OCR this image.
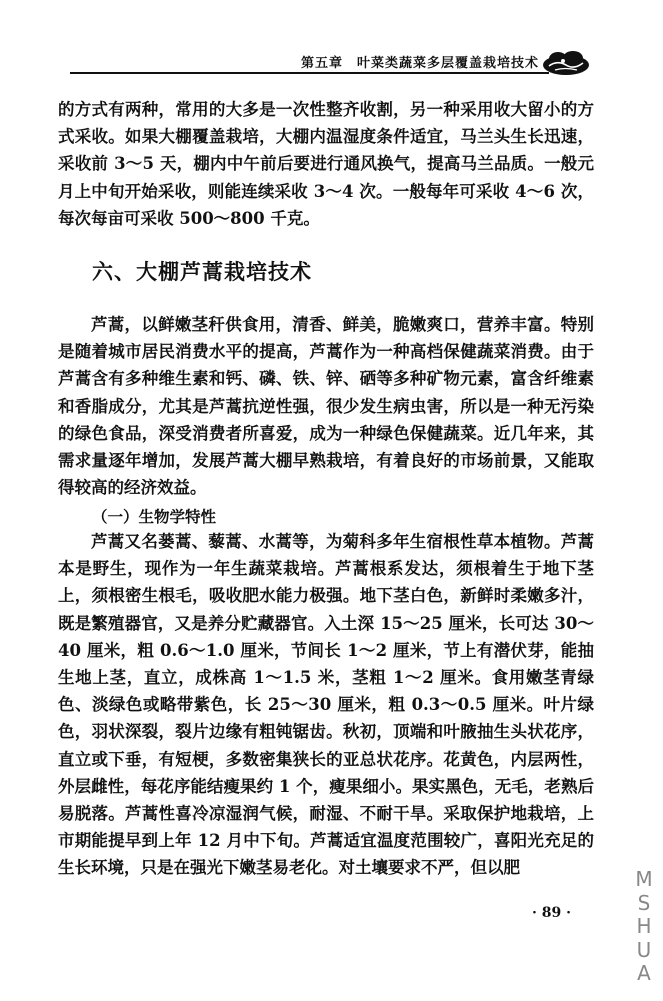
第五章　叶菜类蔬菜多层覆盖栽培技术

的方式有两种，常用的大多是一次性整齐收割，另一种采用收大留小的方式采收。如果大棚覆盖栽培，大棚内温湿度条件适宜，马兰头生长迅速，采收前 3～5 天，棚内中午前后要进行通风换气，提高马兰品质。一般元月上中旬开始采收，则能连续采收 3～4 次。一般每年可采收 4～6 次，每次每亩可采收 500～800 千克。

六、大棚芦蒿栽培技术

芦蒿，以鲜嫩茎秆供食用，清香、鲜美，脆嫩爽口，营养丰富。特别是随着城市居民消费水平的提高，芦蒿作为一种高档保健蔬菜消费。由于芦蒿含有多种维生素和钙、磷、铁、锌、硒等多种矿物元素，富含纤维素和香脂成分，尤其是芦蒿抗逆性强，很少发生病虫害，所以是一种无污染的绿色食品，深受消费者所喜爱，成为一种绿色保健蔬菜。近几年来，其需求量逐年增加，发展芦蒿大棚早熟栽培，有着良好的市场前景，又能取得较高的经济效益。

（一）生物学特性

芦蒿又名蒌蒿、藜蒿、水蒿等，为菊科多年生宿根性草本植物。芦蒿本是野生，现作为一年生蔬菜栽培。芦蒿根系发达，须根着生于地下茎上，须根密生根毛，吸收肥水能力极强。地下茎白色，新鲜时柔嫩多汁，既是繁殖器官，又是养分贮藏器官。入土深 15～25 厘米，长可达 30～40 厘米，粗 0.6～1.0 厘米，节间长 1～2 厘米，节上有潜伏芽，能抽生地上茎，直立，成株高 1～1.5 米，茎粗 1～2 厘米。食用嫩茎青绿色、淡绿色或略带紫色，长 25～30 厘米，粗 0.3～0.5 厘米。叶片绿色，羽状深裂，裂片边缘有粗钝锯齿。秋初，顶端和叶腋抽生头状花序，直立或下垂，有短梗，多数密集狭长的亚总状花序。花黄色，内层两性，外层雌性，每花序能结瘦果约 1 个，瘦果细小。果实黑色，无毛，老熟后易脱落。芦蒿性喜冷凉湿润气候，耐湿、不耐干旱。采取保护地栽培，上市期能提早到上年 12 月中下旬。芦蒿适宜温度范围较广，喜阳光充足的生长环境，只是在强光下嫩茎易老化。对土壤要求不严，但以肥

· 89 ·
M
S
H
U
A
